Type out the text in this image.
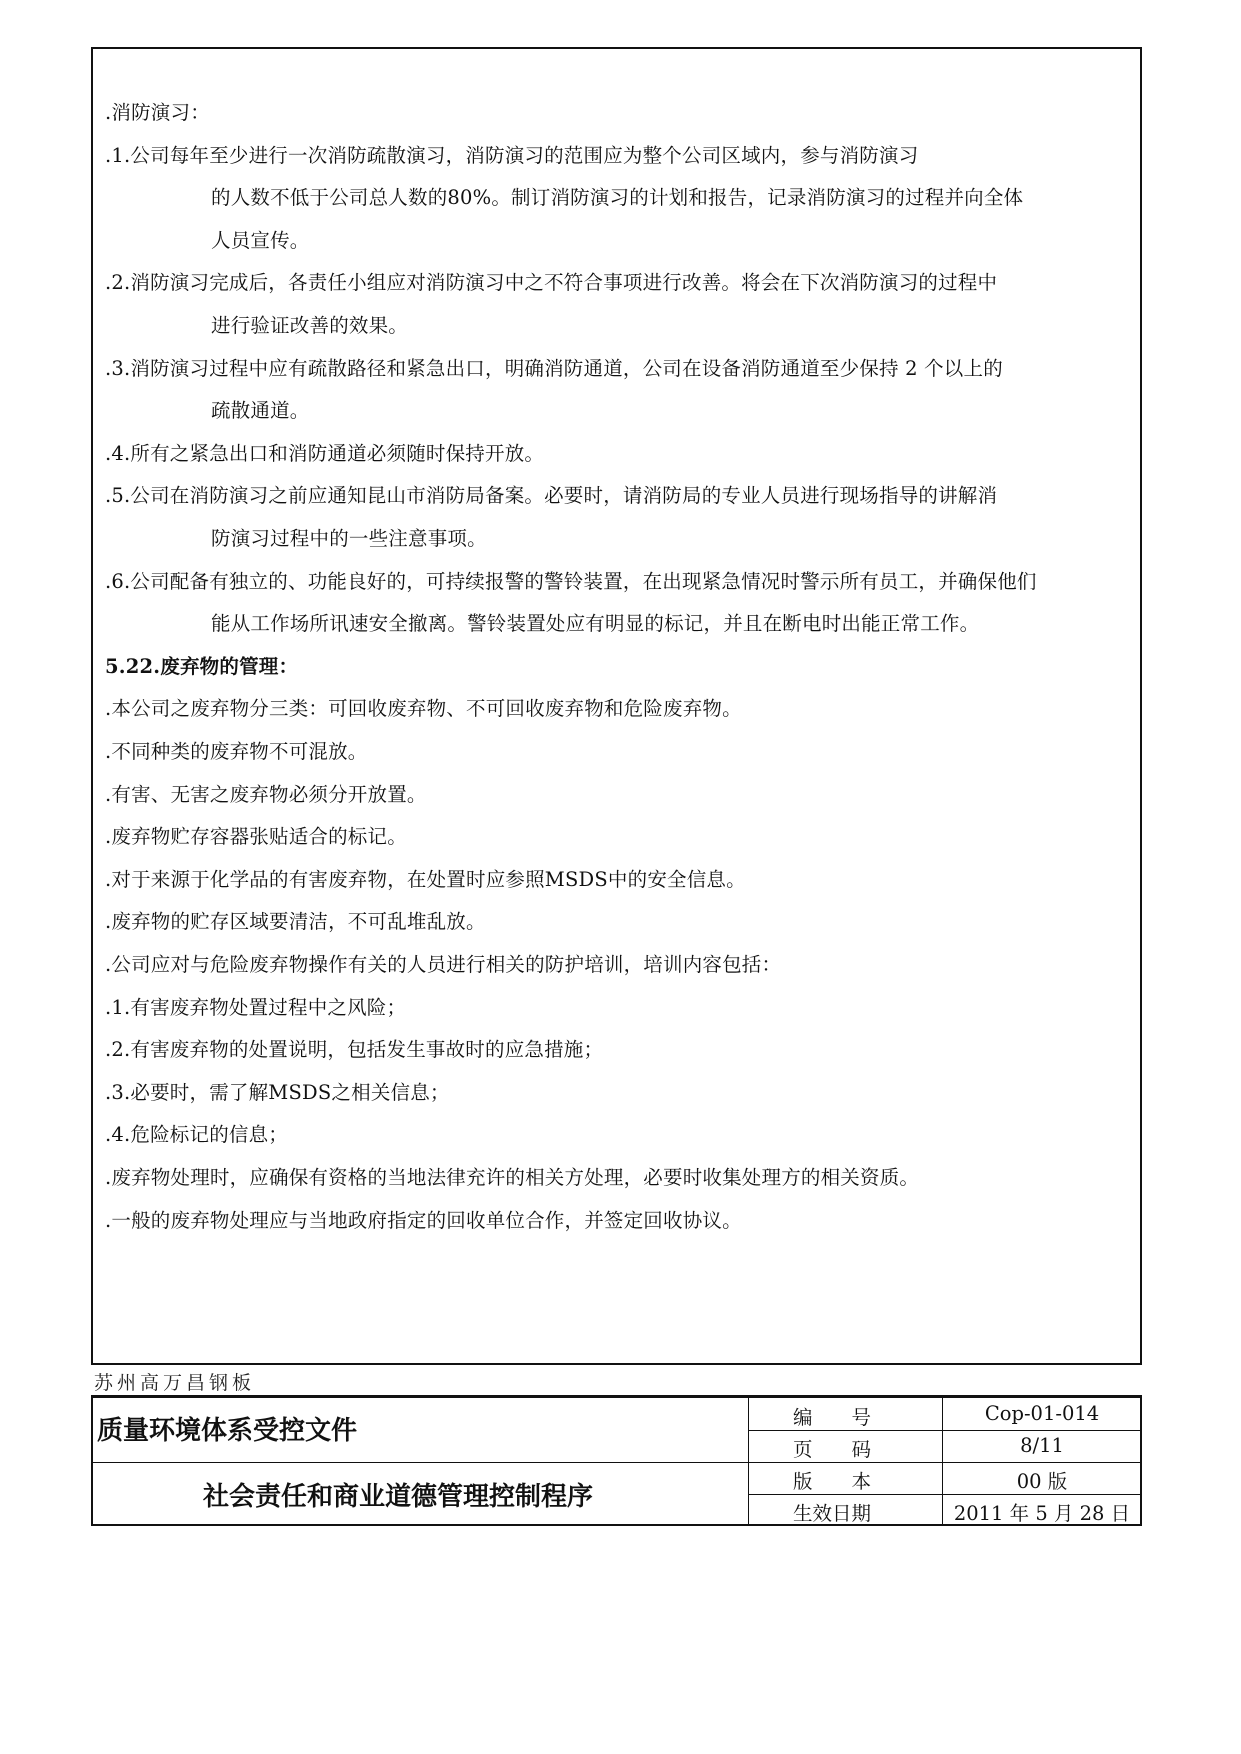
.消防演习：
.1.公司每年至少进行一次消防疏散演习，消防演习的范围应为整个公司区域内，参与消防演习
的人数不低于公司总人数的80%。制订消防演习的计划和报告，记录消防演习的过程并向全体
人员宣传。
.2.消防演习完成后，各责任小组应对消防演习中之不符合事项进行改善。将会在下次消防演习的过程中
进行验证改善的效果。
.3.消防演习过程中应有疏散路径和紧急出口，明确消防通道，公司在设备消防通道至少保持 2 个以上的
疏散通道。
.4.所有之紧急出口和消防通道必须随时保持开放。
.5.公司在消防演习之前应通知昆山市消防局备案。必要时，请消防局的专业人员进行现场指导的讲解消
防演习过程中的一些注意事项。
.6.公司配备有独立的、功能良好的，可持续报警的警铃装置，在出现紧急情况时警示所有员工，并确保他们
能从工作场所讯速安全撤离。警铃装置处应有明显的标记，并且在断电时出能正常工作。
5.22.废弃物的管理：
.本公司之废弃物分三类：可回收废弃物、不可回收废弃物和危险废弃物。
.不同种类的废弃物不可混放。
.有害、无害之废弃物必须分开放置。
.废弃物贮存容器张贴适合的标记。
.对于来源于化学品的有害废弃物，在处置时应参照MSDS中的安全信息。
.废弃物的贮存区域要清洁，不可乱堆乱放。
.公司应对与危险废弃物操作有关的人员进行相关的防护培训，培训内容包括：
.1.有害废弃物处置过程中之风险；
.2.有害废弃物的处置说明，包括发生事故时的应急措施；
.3.必要时，需了解MSDS之相关信息；
.4.危险标记的信息；
.废弃物处理时，应确保有资格的当地法律充许的相关方处理，必要时收集处理方的相关资质。
.一般的废弃物处理应与当地政府指定的回收单位合作，并签定回收协议。
苏州高万昌钢板
质量环境体系受控文件
社会责任和商业道德管理控制程序
编　　号	Cop-01-014
页　　码	8/11
版　　本	00 版
生效日期	2011 年 5 月 28 日
